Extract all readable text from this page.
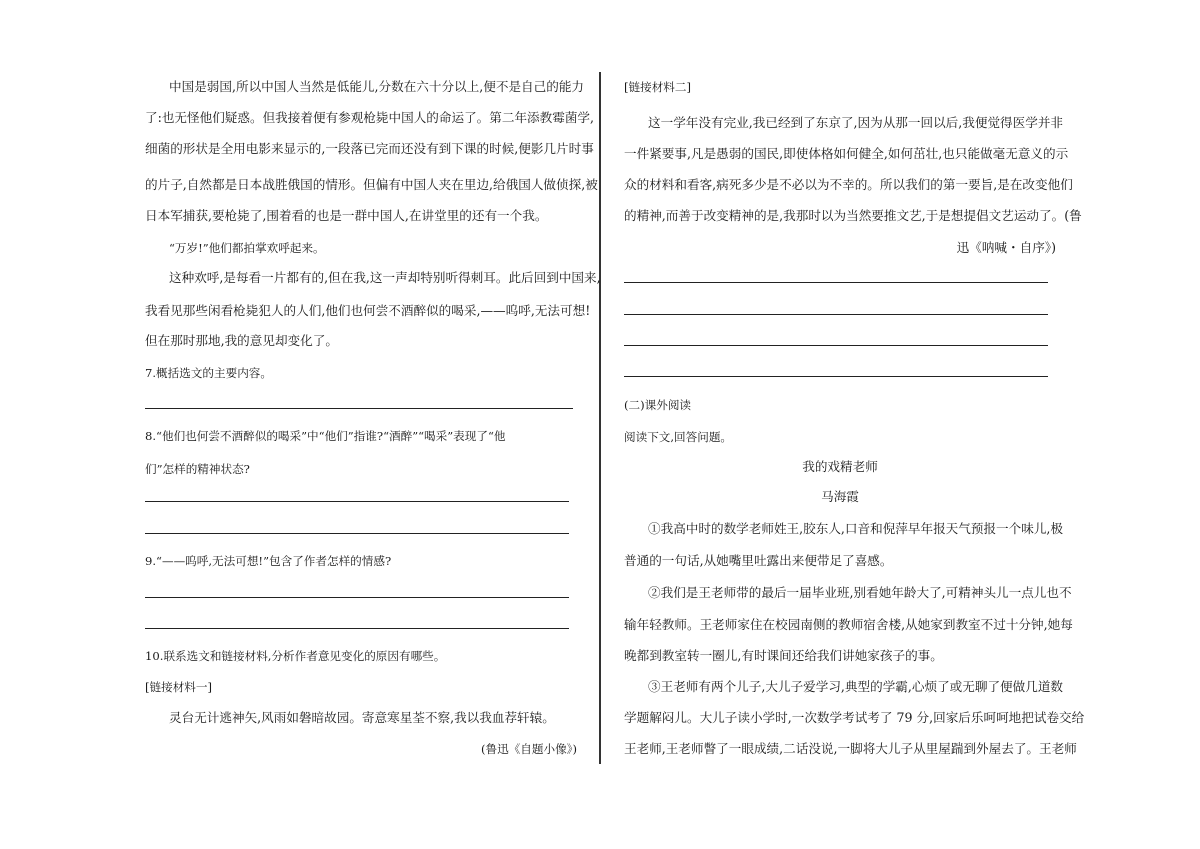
中国是弱国,所以中国人当然是低能儿,分数在六十分以上,便不是自己的能力
了:也无怪他们疑惑。但我接着便有参观枪毙中国人的命运了。第二年添教霉菌学,
细菌的形状是全用电影来显示的,一段落已完而还没有到下课的时候,便影几片时事
的片子,自然都是日本战胜俄国的情形。但偏有中国人夹在里边,给俄国人做侦探,被
日本军捕获,要枪毙了,围着看的也是一群中国人,在讲堂里的还有一个我。
“万岁!”他们都拍掌欢呼起来。
这种欢呼,是每看一片都有的,但在我,这一声却特别听得刺耳。此后回到中国来,
我看见那些闲看枪毙犯人的人们,他们也何尝不酒醉似的喝采,——呜呼,无法可想!
但在那时那地,我的意见却变化了。
7.概括选文的主要内容。
8.“他们也何尝不酒醉似的喝采”中“他们”指谁?“酒醉”“喝采”表现了“他
们”怎样的精神状态?
9.“——呜呼,无法可想!”包含了作者怎样的情感?
10.联系选文和链接材料,分析作者意见变化的原因有哪些。
[链接材料一]
灵台无计逃神矢,风雨如磐暗故园。寄意寒星荃不察,我以我血荐轩辕。
(鲁迅《自题小像》)
[链接材料二]
这一学年没有完业,我已经到了东京了,因为从那一回以后,我便觉得医学并非
一件紧要事,凡是愚弱的国民,即使体格如何健全,如何茁壮,也只能做毫无意义的示
众的材料和看客,病死多少是不必以为不幸的。所以我们的第一要旨,是在改变他们
的精神,而善于改变精神的是,我那时以为当然要推文艺,于是想提倡文艺运动了。(鲁
迅《呐喊・自序》)
(二)课外阅读
阅读下文,回答问题。
我的戏精老师
马海霞
①我高中时的数学老师姓王,胶东人,口音和倪萍早年报天气预报一个味儿,极
普通的一句话,从她嘴里吐露出来便带足了喜感。
②我们是王老师带的最后一届毕业班,别看她年龄大了,可精神头儿一点儿也不
输年轻教师。王老师家住在校园南侧的教师宿舍楼,从她家到教室不过十分钟,她每
晚都到教室转一圈儿,有时课间还给我们讲她家孩子的事。
③王老师有两个儿子,大儿子爱学习,典型的学霸,心烦了或无聊了便做几道数
学题解闷儿。大儿子读小学时,一次数学考试考了 79 分,回家后乐呵呵地把试卷交给
王老师,王老师瞥了一眼成绩,二话没说,一脚将大儿子从里屋踹到外屋去了。王老师
